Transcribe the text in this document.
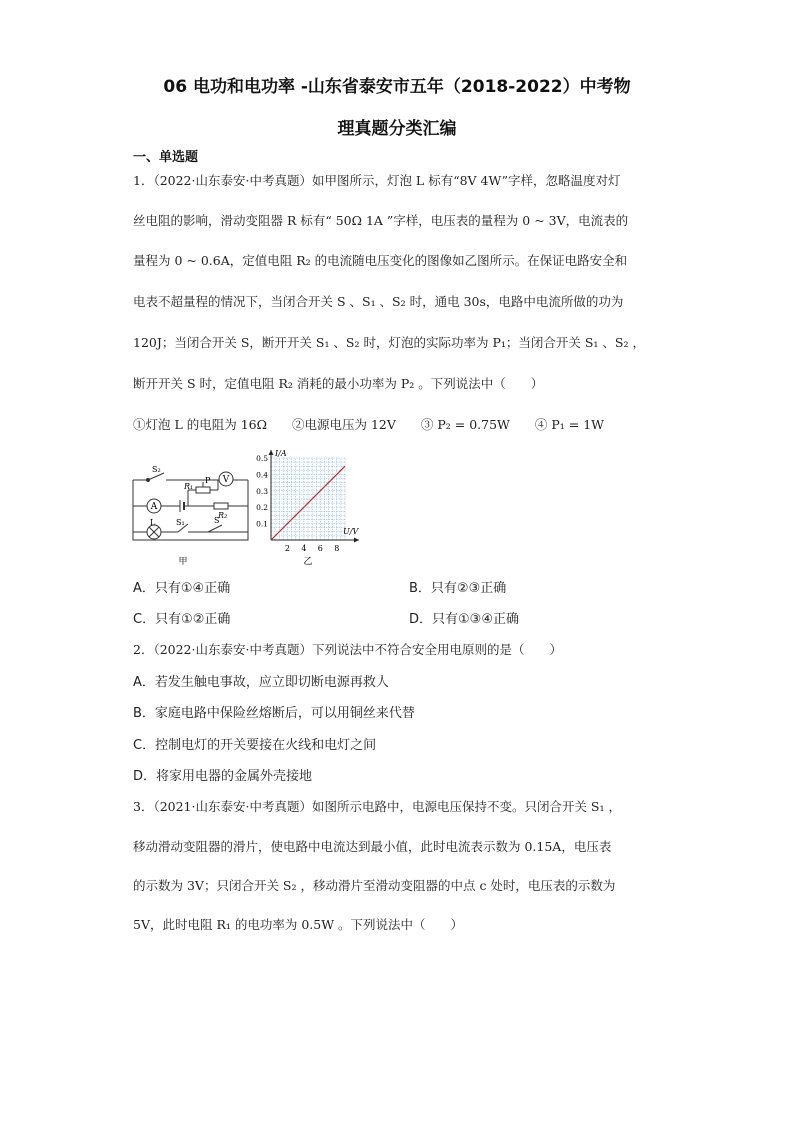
06 电功和电功率 -山东省泰安市五年（2018-2022）中考物
理真题分类汇编
一、单选题
1．（2022·山东泰安·中考真题）如甲图所示，灯泡 L 标有“8V 4W”字样，忽略温度对灯
丝电阻的影响，滑动变阻器 R 标有“ 50Ω 1A ”字样，电压表的量程为 0 ~ 3V，电流表的
量程为 0 ~ 0.6A，定值电阻 R₂ 的电流随电压变化的图像如乙图所示。在保证电路安全和
电表不超量程的情况下，当闭合开关 S 、S₁ 、S₂ 时，通电 30s，电路中电流所做的功为
120J；当闭合开关 S，断开开关 S₁ 、S₂ 时，灯泡的实际功率为 P₁；当闭合开关 S₁ 、S₂ ，
断开开关 S 时，定值电阻 R₂ 消耗的最小功率为 P₂ 。下列说法中（　　）
①灯泡 L 的电阻为 16Ω　　②电源电压为 12V　　③ P₂ = 0.75W　　④ P₁ = 1W
A
V
S₂
P
R₁
L	S₁	S
R₂
甲
2 4 6 8
0.1
0.2
0.3
0.4
0.5
I/A
U/V
乙
A．只有①④正确	B．只有②③正确
C．只有①②正确	D．只有①③④正确
2．（2022·山东泰安·中考真题）下列说法中不符合安全用电原则的是（　　）
A．若发生触电事故，应立即切断电源再救人
B．家庭电路中保险丝熔断后，可以用铜丝来代替
C．控制电灯的开关要接在火线和电灯之间
D．将家用电器的金属外壳接地
3．（2021·山东泰安·中考真题）如图所示电路中，电源电压保持不变。只闭合开关 S₁ ，
移动滑动变阻器的滑片，使电路中电流达到最小值，此时电流表示数为 0.15A，电压表
的示数为 3V；只闭合开关 S₂ ，移动滑片至滑动变阻器的中点 c 处时，电压表的示数为
5V，此时电阻 R₁ 的电功率为 0.5W 。下列说法中（　　）
